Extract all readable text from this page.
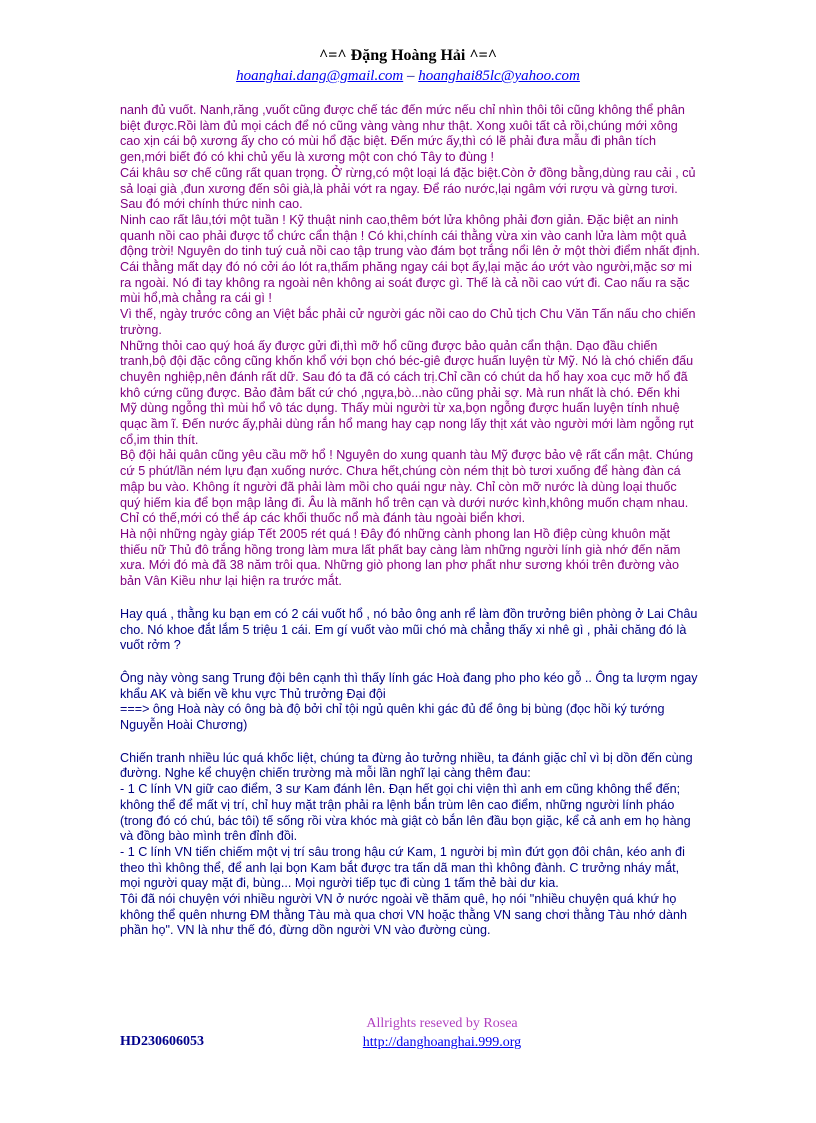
^=^ Đặng Hoàng Hải ^=^
hoanghai.dang@gmail.com – hoanghai85lc@yahoo.com

nanh đủ vuốt. Nanh,răng ,vuốt cũng được chế tác đến mức nếu chỉ nhìn thôi tôi cũng không thể phân biệt được.Rồi làm đủ mọi cách để nó cũng vàng vàng như thật. Xong xuôi tất cả rồi,chúng mới xông cao xịn cái bộ xương ấy cho có mùi hổ đặc biệt. Đến mức ấy,thì có lẽ phải đưa mẫu đi phân tích gen,mới biết đó có khi chủ yếu là xương một con chó Tây to đùng !

Cái khâu sơ chế cũng rất quan trọng. Ở rừng,có một loại lá đặc biệt.Còn ở đồng bằng,dùng rau cải , củ sả loại già ,đun xương đến sôi già,là phải vớt ra ngay. Để ráo nước,lại ngâm với rượu và gừng tươi. Sau đó mới chính thức ninh cao.

Ninh cao rất lâu,tới một tuần ! Kỹ thuật ninh cao,thêm bớt lửa không phải đơn giản. Đặc biệt an ninh quanh nồi cao phải được tổ chức cẩn thận ! Có khi,chính cái thằng vừa xin vào canh lửa làm một quả động trời! Nguyên do tinh tuý cuả nồi cao tập trung vào đám bọt trắng nổi lên ở một thời điểm nhất định. Cái thằng mất dạy đó nó cởi áo lót ra,thấm phăng ngay cái bọt ấy,lại mặc áo ướt vào người,mặc sơ mi ra ngoài. Nó đi tay không ra ngoài nên không ai soát được gì. Thế là cả nồi cao vứt đi. Cao nấu ra sặc mùi hổ,mà chẳng ra cái gì !

Vì thế, ngày trước công an Việt bắc phải cử người gác nồi cao do Chủ tịch Chu Văn Tấn nấu cho chiến trường.

Những thỏi cao quý hoá ấy được gửi đi,thì mỡ hổ cũng được bảo quản cẩn thận. Dạo đầu chiến tranh,bộ đội đặc công cũng khốn khổ với bọn chó béc-giê được huấn luyện từ Mỹ. Nó là chó chiến đấu chuyên nghiệp,nên đánh rất dữ. Sau đó ta đã có cách trị.Chỉ cần có chút da hổ hay xoa cục mỡ hổ đã khô cứng cũng được. Bảo đảm bất cứ chó ,ngựa,bò...nào cũng phải sợ. Mà run nhất là chó. Đến khi Mỹ dùng ngỗng thì mùi hổ vô tác dụng. Thấy mùi người từ xa,bọn ngỗng được huấn luyện tính nhuệ quạc ầm ĩ. Đến nước ấy,phải dùng rắn hổ mang hay cạp nong lấy thịt xát vào người mới làm ngỗng rụt cổ,im thin thít.

Bộ đội hải quân cũng yêu cầu mỡ hổ ! Nguyên do xung quanh tàu Mỹ được bảo vệ rất cẩn mật. Chúng cứ 5 phút/lần ném lựu đạn xuống nước. Chưa hết,chúng còn ném thịt bò tươi xuống để hàng đàn cá mập bu vào. Không ít người đã phải làm mồi cho quái ngư này. Chỉ còn mỡ nước là dùng loại thuốc quý hiếm kia để bọn mập lảng đi. Âu là mãnh hổ trên cạn và dưới nước kình,không muốn chạm nhau. Chỉ có thế,mới có thể áp các khối thuốc nổ mà đánh tàu ngoài biển khơi.

Hà nội những ngày giáp Tết 2005 rét quá ! Đây đó những cành phong lan Hồ điệp cùng khuôn mặt thiếu nữ Thủ đô trắng hồng trong làm mưa lất phất bay càng làm những người lính già nhớ đến năm xưa. Mới đó mà đã 38 năm trôi qua. Những giò phong lan phơ phất như sương khói trên đường vào bản Vân Kiều như lại hiện ra trước mắt.

Hay quá , thằng ku bạn em có 2 cái vuốt hổ , nó bảo ông anh rể làm đồn trưởng biên phòng ở Lai Châu cho. Nó khoe đắt lắm 5 triệu 1 cái. Em gí vuốt vào mũi chó mà chẳng thấy xi nhê gì , phải chăng đó là vuốt rởm ?

Ông này vòng sang Trung đội bên cạnh thì thấy lính gác Hoà đang pho pho kéo gỗ .. Ông ta lượm ngay khẩu AK và biến về khu vực Thủ trưởng Đại đội

===> ông Hoà này có ông bà độ bởi chỉ tội ngủ quên khi gác đủ để ông bị bùng (đọc hồi ký tướng Nguyễn Hoài Chương)

Chiến tranh nhiều lúc quá khốc liệt, chúng ta đừng ảo tưởng nhiều, ta đánh giặc chỉ vì bị dồn đến cùng đường. Nghe kể chuyện chiến trường mà mỗi lần nghĩ lại càng thêm đau:

- 1 C lính VN giữ cao điểm, 3 sư Kam đánh lên. Đạn hết gọi chi viện thì anh em cũng không thể đến; không thể để mất vị trí, chỉ huy mặt trận phải ra lệnh bắn trùm lên cao điểm, những người lính pháo (trong đó có chú, bác tôi) tế sống rồi vừa khóc mà giật cò bắn lên đầu bọn giặc, kể cả anh em họ hàng và đồng bào mình trên đỉnh đồi.

- 1 C lính VN tiến chiếm một vị trí sâu trong hậu cứ Kam, 1 người bị mìn đứt gọn đôi chân, kéo anh đi theo thì không thể, để anh lại bọn Kam bắt được tra tấn dã man thì không đành. C trưởng nháy mắt, mọi người quay mặt đi, bùng... Mọi người tiếp tục đi cùng 1 tấm thẻ bài dư kia.

Tôi đã nói chuyện với nhiều người VN ở nước ngoài về thăm quê, họ nói "nhiều chuyện quá khứ họ không thể quên nhưng ĐM thằng Tàu mà qua chơi VN hoặc thằng VN sang chơi thằng Tàu nhớ dành phần họ". VN là như thế đó, đừng dồn người VN vào đường cùng.

Allrights reseved by Rosea
http://danghoanghai.999.org
HD230606053
